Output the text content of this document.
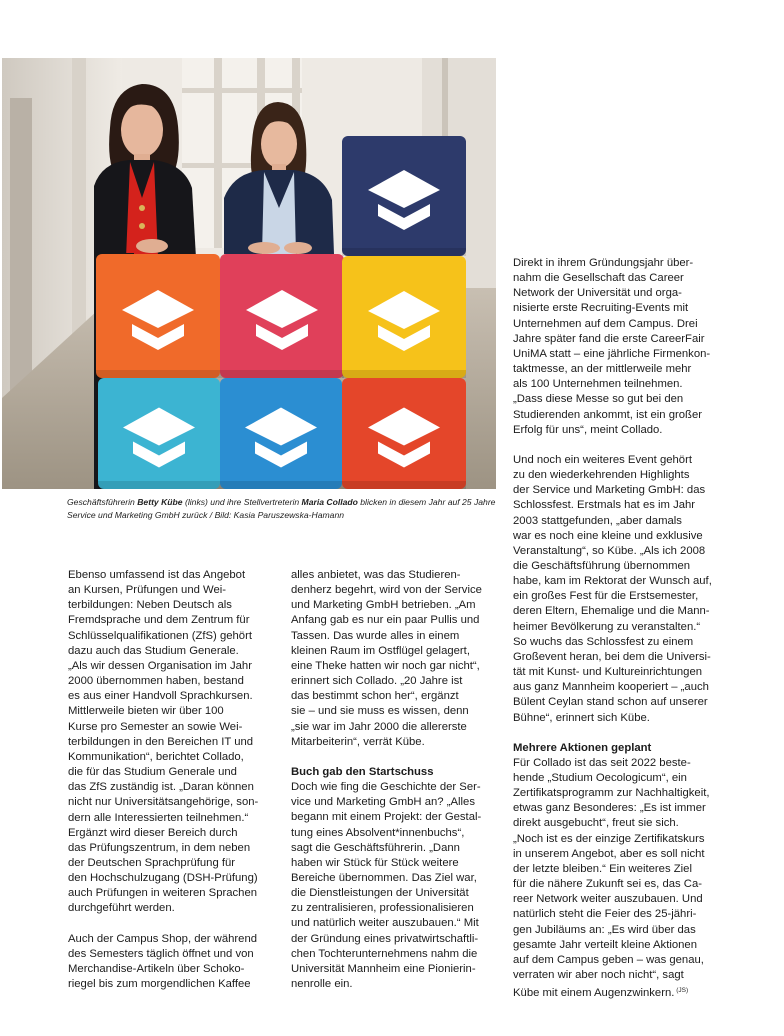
Geschäftsführerin Betty Kübe (links) und ihre Stellvertreterin Maria Collado blicken in diesem Jahr auf 25 Jahre Service und Marketing GmbH zurück / Bild: Kasia Paruszewska-Hamann

Ebenso umfassend ist das Angebot
an Kursen, Prüfungen und Wei-
terbildungen: Neben Deutsch als
Fremdsprache und dem Zentrum für
Schlüsselqualifikationen (ZfS) gehört
dazu auch das Studium Generale.
„Als wir dessen Organisation im Jahr
2000 übernommen haben, bestand
es aus einer Handvoll Sprachkursen.
Mittlerweile bieten wir über 100
Kurse pro Semester an sowie Wei-
terbildungen in den Bereichen IT und
Kommunikation“, berichtet Collado,
die für das Studium Generale und
das ZfS zuständig ist. „Daran können
nicht nur Universitätsangehörige, son-
dern alle Interessierten teilnehmen.“
Ergänzt wird dieser Bereich durch
das Prüfungszentrum, in dem neben
der Deutschen Sprachprüfung für
den Hochschulzugang (DSH-Prüfung)
auch Prüfungen in weiteren Sprachen
durchgeführt werden.

Auch der Campus Shop, der während
des Semesters täglich öffnet und von
Merchandise-Artikeln über Schoko-
riegel bis zum morgendlichen Kaffee

alles anbietet, was das Studieren-
denherz begehrt, wird von der Service
und Marketing GmbH betrieben. „Am
Anfang gab es nur ein paar Pullis und
Tassen. Das wurde alles in einem
kleinen Raum im Ostflügel gelagert,
eine Theke hatten wir noch gar nicht“,
erinnert sich Collado. „20 Jahre ist
das bestimmt schon her“, ergänzt
sie – und sie muss es wissen, denn
„sie war im Jahr 2000 die allererste
Mitarbeiterin“, verrät Kübe.

Buch gab den Startschuss

Doch wie fing die Geschichte der Ser-
vice und Marketing GmbH an? „Alles
begann mit einem Projekt: der Gestal-
tung eines Absolvent*innenbuchs“,
sagt die Geschäftsführerin. „Dann
haben wir Stück für Stück weitere
Bereiche übernommen. Das Ziel war,
die Dienstleistungen der Universität
zu zentralisieren, professionalisieren
und natürlich weiter auszubauen.“ Mit
der Gründung eines privatwirtschaftli-
chen Tochterunternehmens nahm die
Universität Mannheim eine Pionierin-
nenrolle ein.

Direkt in ihrem Gründungsjahr über-
nahm die Gesellschaft das Career
Network der Universität und orga-
nisierte erste Recruiting-Events mit
Unternehmen auf dem Campus. Drei
Jahre später fand die erste CareerFair
UniMA statt – eine jährliche Firmenkon-
taktmesse, an der mittlerweile mehr
als 100 Unternehmen teilnehmen.
„Dass diese Messe so gut bei den
Studierenden ankommt, ist ein großer
Erfolg für uns“, meint Collado.

Und noch ein weiteres Event gehört
zu den wiederkehrenden Highlights
der Service und Marketing GmbH: das
Schlossfest. Erstmals hat es im Jahr
2003 stattgefunden, „aber damals
war es noch eine kleine und exklusive
Veranstaltung“, so Kübe. „Als ich 2008
die Geschäftsführung übernommen
habe, kam im Rektorat der Wunsch auf,
ein großes Fest für die Erstsemester,
deren Eltern, Ehemalige und die Mann-
heimer Bevölkerung zu veranstalten.“
So wuchs das Schlossfest zu einem
Großevent heran, bei dem die Universi-
tät mit Kunst- und Kultureinrichtungen
aus ganz Mannheim kooperiert – „auch
Bülent Ceylan stand schon auf unserer
Bühne“, erinnert sich Kübe.

Mehrere Aktionen geplant

Für Collado ist das seit 2022 beste-
hende „Studium Oecologicum“, ein
Zertifikatsprogramm zur Nachhaltigkeit,
etwas ganz Besonderes: „Es ist immer
direkt ausgebucht“, freut sie sich.
„Noch ist es der einzige Zertifikatskurs
in unserem Angebot, aber es soll nicht
der letzte bleiben.“ Ein weiteres Ziel
für die nähere Zukunft sei es, das Ca-
reer Network weiter auszubauen. Und
natürlich steht die Feier des 25-jähri-
gen Jubiläums an: „Es wird über das
gesamte Jahr verteilt kleine Aktionen
auf dem Campus geben – was genau,
verraten wir aber noch nicht“, sagt
Kübe mit einem Augenzwinkern. $^{(JS)}$
